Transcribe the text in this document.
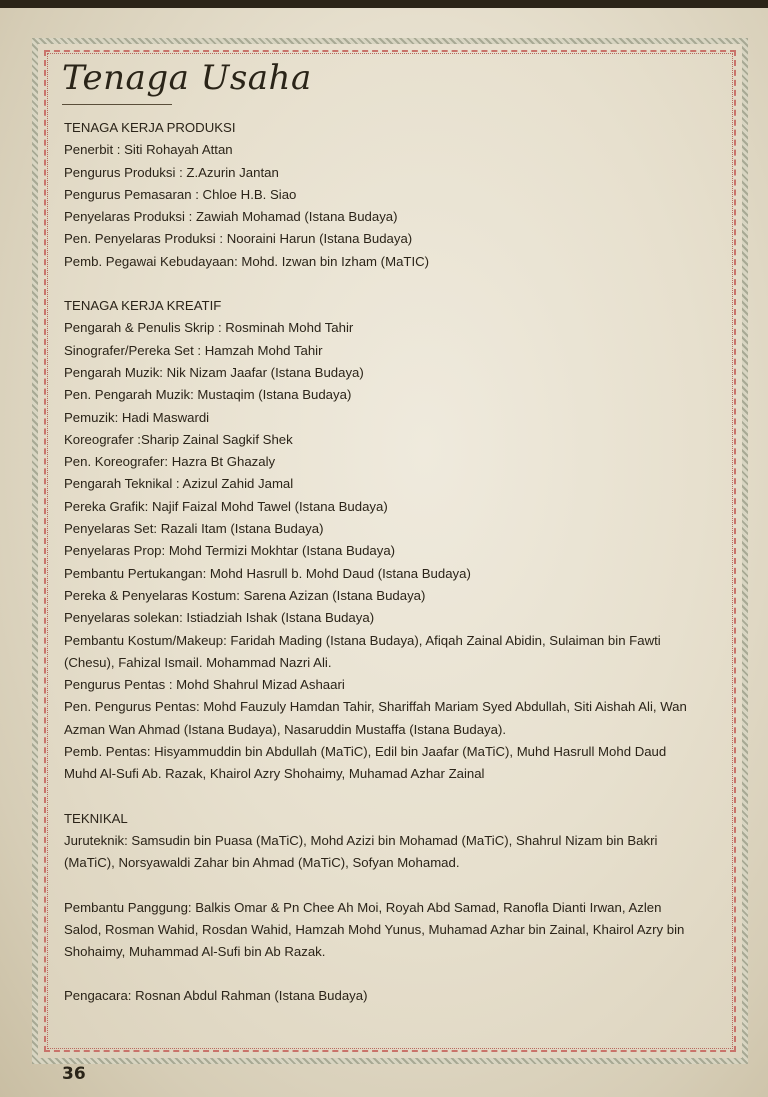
Tenaga Usaha
TENAGA KERJA PRODUKSI
Penerbit : Siti Rohayah Attan
Pengurus Produksi : Z.Azurin Jantan
Pengurus Pemasaran : Chloe H.B. Siao
Penyelaras Produksi : Zawiah Mohamad (Istana Budaya)
Pen. Penyelaras Produksi : Nooraini Harun (Istana Budaya)
Pemb. Pegawai Kebudayaan: Mohd. Izwan bin Izham (MaTIC)
TENAGA KERJA KREATIF
Pengarah & Penulis Skrip : Rosminah Mohd Tahir
Sinografer/Pereka Set : Hamzah Mohd Tahir
Pengarah Muzik: Nik Nizam Jaafar (Istana Budaya)
Pen. Pengarah Muzik: Mustaqim (Istana Budaya)
Pemuzik: Hadi Maswardi
Koreografer :Sharip Zainal Sagkif Shek
Pen. Koreografer: Hazra Bt Ghazaly
Pengarah Teknikal : Azizul Zahid Jamal
Pereka Grafik: Najif Faizal Mohd Tawel (Istana Budaya)
Penyelaras Set: Razali Itam (Istana Budaya)
Penyelaras Prop: Mohd Termizi Mokhtar (Istana Budaya)
Pembantu Pertukangan: Mohd Hasrull b. Mohd Daud (Istana Budaya)
Pereka & Penyelaras Kostum: Sarena Azizan (Istana Budaya)
Penyelaras solekan: Istiadziah Ishak (Istana Budaya)
Pembantu Kostum/Makeup: Faridah Mading (Istana Budaya), Afiqah Zainal Abidin, Sulaiman bin Fawti
(Chesu), Fahizal Ismail. Mohammad Nazri Ali.
Pengurus Pentas : Mohd Shahrul Mizad Ashaari
Pen. Pengurus Pentas: Mohd Fauzuly Hamdan Tahir, Shariffah Mariam Syed Abdullah, Siti Aishah Ali, Wan
Azman Wan Ahmad (Istana Budaya), Nasaruddin Mustaffa (Istana Budaya).
Pemb. Pentas: Hisyammuddin bin Abdullah (MaTiC), Edil bin Jaafar (MaTiC), Muhd Hasrull Mohd Daud
Muhd Al-Sufi Ab. Razak, Khairol Azry Shohaimy, Muhamad Azhar Zainal
TEKNIKAL
Juruteknik: Samsudin bin Puasa (MaTiC), Mohd Azizi bin Mohamad (MaTiC), Shahrul Nizam bin Bakri
(MaTiC), Norsyawaldi Zahar bin Ahmad (MaTiC), Sofyan Mohamad.
Pembantu Panggung: Balkis Omar & Pn Chee Ah Moi, Royah Abd Samad, Ranofla Dianti Irwan, Azlen
Salod, Rosman Wahid, Rosdan Wahid, Hamzah Mohd Yunus, Muhamad Azhar bin Zainal, Khairol Azry bin
Shohaimy, Muhammad Al-Sufi bin Ab Razak.
Pengacara: Rosnan Abdul Rahman (Istana Budaya)
36
